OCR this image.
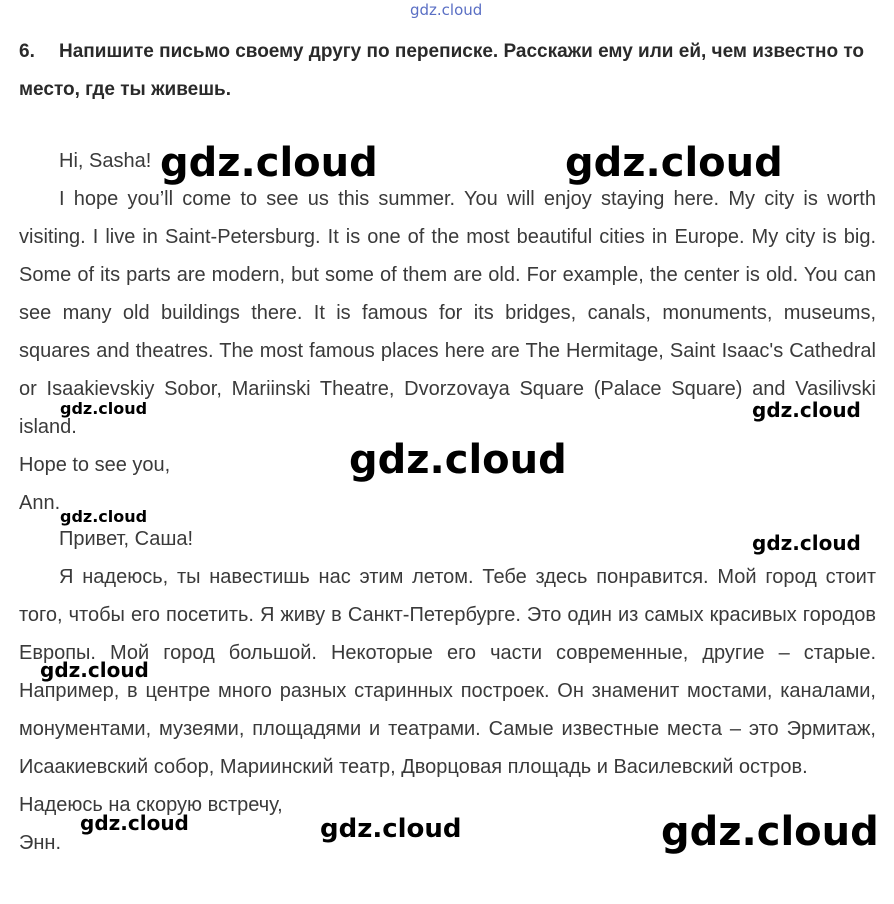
6. Напишите письмо своему другу по переписке. Расскажи ему или ей, чем известно то место, где ты живешь.

Hi, Sasha!

I hope you’ll come to see us this summer. You will enjoy staying here. My city is worth visiting. I live in Saint-Petersburg. It is one of the most beautiful cities in Europe. My city is big. Some of its parts are modern, but some of them are old. For example, the center is old. You can see many old buildings there. It is famous for its bridges, canals, monuments, museums, squares and theatres. The most famous places here are The Hermitage, Saint Isaac's Cathedral or Isaakievskiy Sobor, Mariinski Theatre, Dvorzovaya Square (Palace Square) and Vasilivski island.

Hope to see you,

Ann.

Привет, Саша!

Я надеюсь, ты навестишь нас этим летом. Тебе здесь понравится. Мой город стоит того, чтобы его посетить. Я живу в Санкт-Петербурге. Это один из самых красивых городов Европы. Мой город большой. Некоторые его части современные, другие – старые. Например, в центре много разных старинных построек. Он знаменит мостами, каналами, монументами, музеями, площадями и театрами. Самые известные места – это Эрмитаж, Исаакиевский собор, Мариинский театр, Дворцовая площадь и Василевский остров.

Надеюсь на скорую встречу,

Энн.

gdz.cloud
gdz.cloud	gdz.cloud
gdz.cloud	gdz.cloud
gdz.cloud
gdz.cloud
gdz.cloud
gdz.cloud
gdz.cloud	gdz.cloud	gdz.cloud
